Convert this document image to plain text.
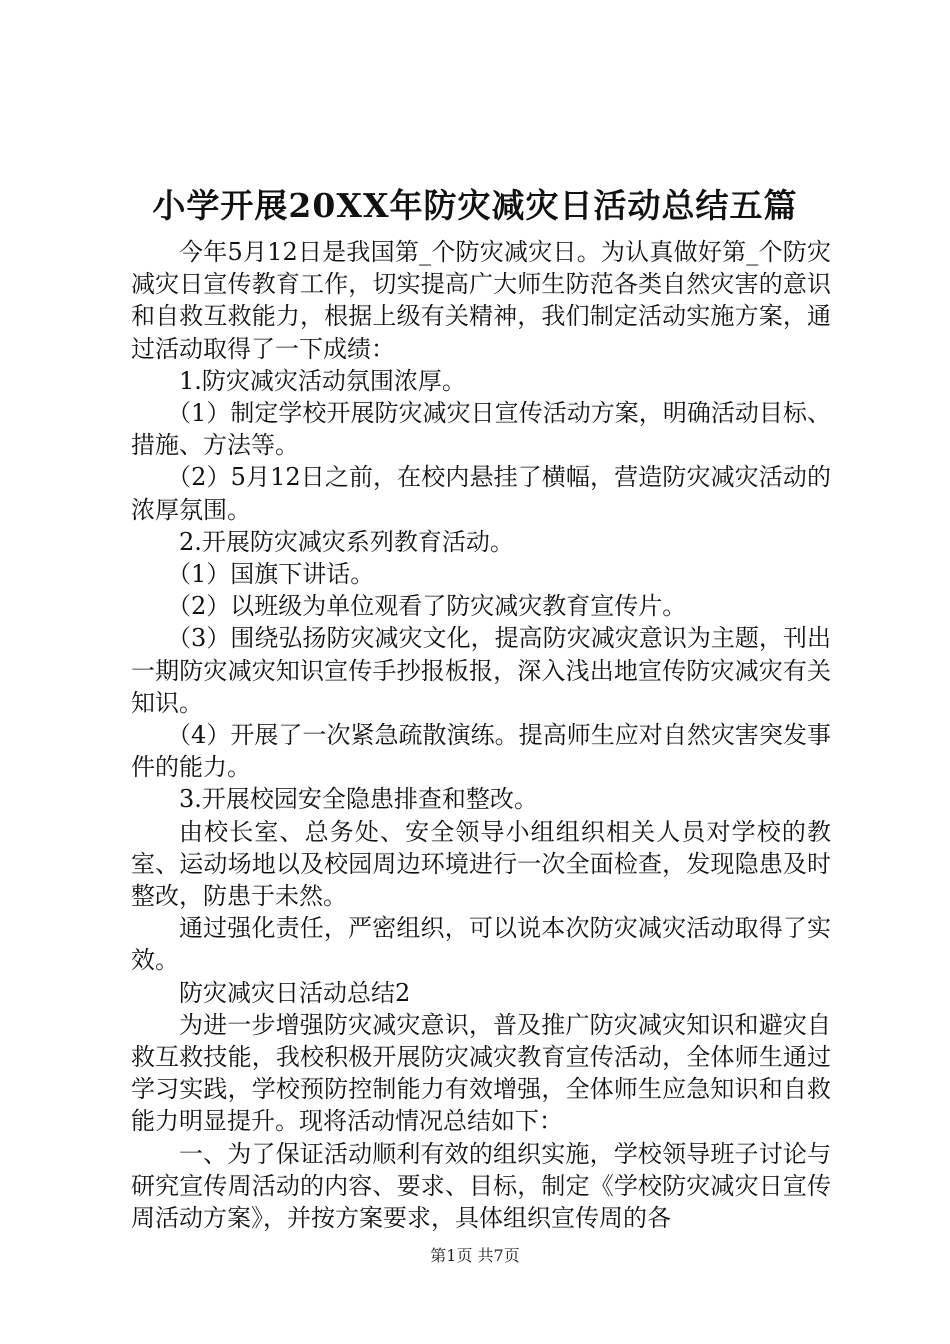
小学开展20XX年防灾减灾日活动总结五篇

今年5月12日是我国第_个防灾减灾日。为认真做好第_个防灾减灾日宣传教育工作，切实提高广大师生防范各类自然灾害的意识和自救互救能力，根据上级有关精神，我们制定活动实施方案，通过活动取得了一下成绩：

1.防灾减灾活动氛围浓厚。

（1）制定学校开展防灾减灾日宣传活动方案，明确活动目标、措施、方法等。

（2）5月12日之前，在校内悬挂了横幅，营造防灾减灾活动的浓厚氛围。

2.开展防灾减灾系列教育活动。

（1）国旗下讲话。

（2）以班级为单位观看了防灾减灾教育宣传片。

（3）围绕弘扬防灾减灾文化，提高防灾减灾意识为主题，刊出一期防灾减灾知识宣传手抄报板报，深入浅出地宣传防灾减灾有关知识。

（4）开展了一次紧急疏散演练。提高师生应对自然灾害突发事件的能力。

3.开展校园安全隐患排查和整改。

由校长室、总务处、安全领导小组组织相关人员对学校的教室、运动场地以及校园周边环境进行一次全面检查，发现隐患及时整改，防患于未然。

通过强化责任，严密组织，可以说本次防灾减灾活动取得了实效。

防灾减灾日活动总结2

为进一步增强防灾减灾意识，普及推广防灾减灾知识和避灾自救互救技能，我校积极开展防灾减灾教育宣传活动，全体师生通过学习实践，学校预防控制能力有效增强，全体师生应急知识和自救能力明显提升。现将活动情况总结如下：

一、为了保证活动顺利有效的组织实施，学校领导班子讨论与研究宣传周活动的内容、要求、目标，制定《学校防灾减灾日宣传周活动方案》，并按方案要求，具体组织宣传周的各

第1页 共7页
